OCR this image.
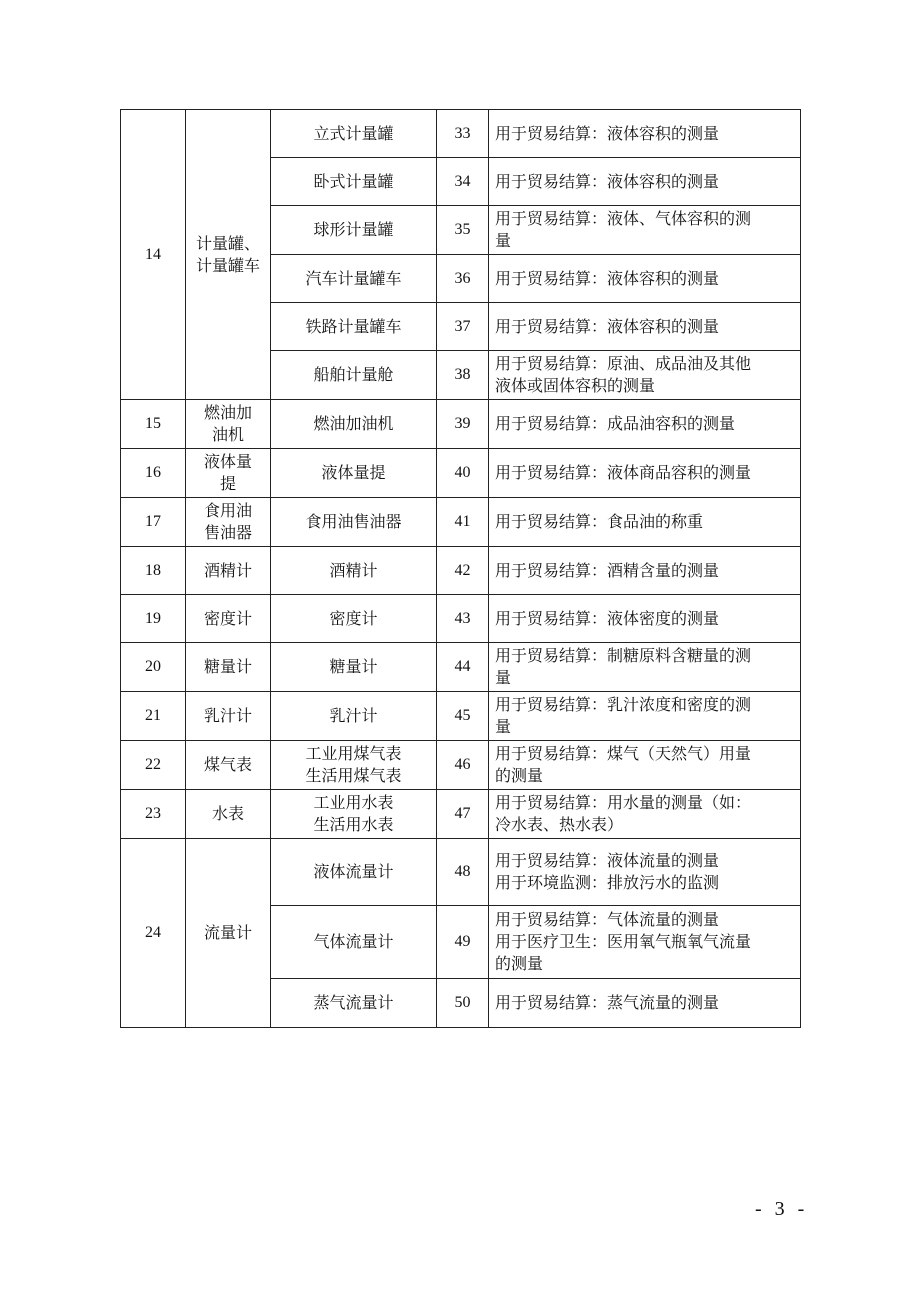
14	计量罐、
计量罐车	立式计量罐	33	用于贸易结算：液体容积的测量

		卧式计量罐	34	用于贸易结算：液体容积的测量

		球形计量罐	35	用于贸易结算：液体、气体容积的测
量

		汽车计量罐车	36	用于贸易结算：液体容积的测量

		铁路计量罐车	37	用于贸易结算：液体容积的测量

		船舶计量舱	38	用于贸易结算：原油、成品油及其他
液体或固体容积的测量

15	燃油加
油机	燃油加油机	39	用于贸易结算：成品油容积的测量

16	液体量
提	液体量提	40	用于贸易结算：液体商品容积的测量

17	食用油
售油器	食用油售油器	41	用于贸易结算：食品油的称重

18	酒精计	酒精计	42	用于贸易结算：酒精含量的测量

19	密度计	密度计	43	用于贸易结算：液体密度的测量

20	糖量计	糖量计	44	用于贸易结算：制糖原料含糖量的测
量

21	乳汁计	乳汁计	45	用于贸易结算：乳汁浓度和密度的测
量

22	煤气表	工业用煤气表
生活用煤气表	46	用于贸易结算：煤气（天然气）用量
的测量

23	水表	工业用水表
生活用水表	47	用于贸易结算：用水量的测量（如：
冷水表、热水表）

24	流量计	液体流量计	48	用于贸易结算：液体流量的测量
用于环境监测：排放污水的监测

		气体流量计	49	用于贸易结算：气体流量的测量
用于医疗卫生：医用氧气瓶氧气流量
的测量

		蒸气流量计	50	用于贸易结算：蒸气流量的测量
- 3 -
